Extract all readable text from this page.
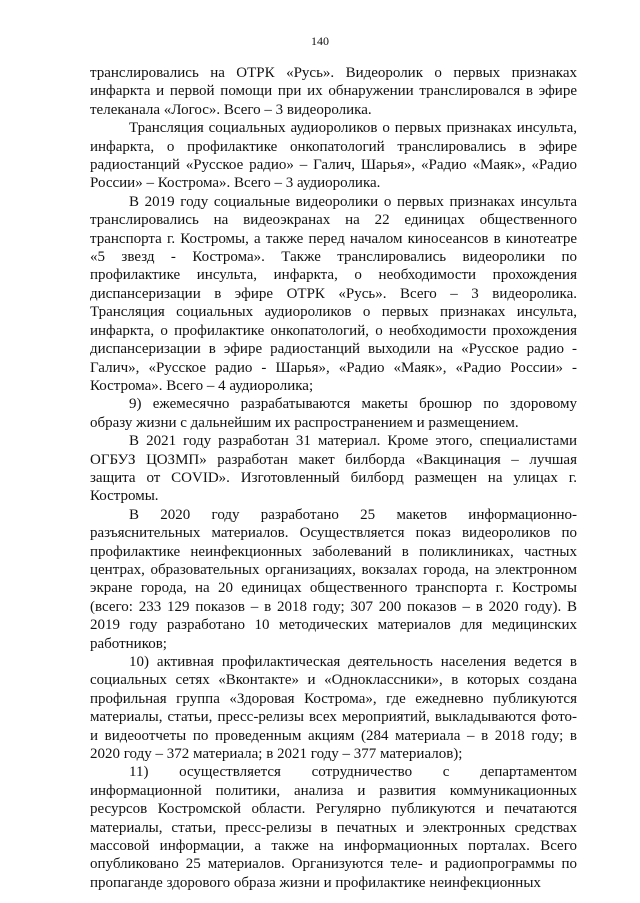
140

транслировались на ОТРК «Русь». Видеоролик о первых признаках инфаркта и первой помощи при их обнаружении транслировался в эфире телеканала «Логос». Всего – 3 видеоролика.

Трансляция социальных аудиороликов о первых признаках инсульта, инфаркта, о профилактике онкопатологий транслировались в эфире радиостанций «Русское радио» – Галич, Шарья», «Радио «Маяк», «Радио России» – Кострома». Всего – 3 аудиоролика.

В 2019 году социальные видеоролики о первых признаках инсульта транслировались на видеоэкранах на 22 единицах общественного транспорта г. Костромы, а также перед началом киносеансов в кинотеатре «5 звезд - Кострома». Также транслировались видеоролики по профилактике инсульта, инфаркта, о необходимости прохождения диспансеризации в эфире ОТРК «Русь». Всего – 3 видеоролика. Трансляция социальных аудиороликов о первых признаках инсульта, инфаркта, о профилактике онкопатологий, о необходимости прохождения диспансеризации в эфире радиостанций выходили на «Русское радио - Галич», «Русское радио - Шарья», «Радио «Маяк», «Радио России» - Кострома». Всего – 4 аудиоролика;

9) ежемесячно разрабатываются макеты брошюр по здоровому образу жизни с дальнейшим их распространением и размещением.

В 2021 году разработан 31 материал. Кроме этого, специалистами ОГБУЗ ЦОЗМП» разработан макет билборда «Вакцинация – лучшая защита от COVID». Изготовленный билборд размещен на улицах г. Костромы.

В 2020 году разработано 25 макетов информационно-разъяснительных материалов. Осуществляется показ видеороликов по профилактике неинфекционных заболеваний в поликлиниках, частных центрах, образовательных организациях, вокзалах города, на электронном экране города, на 20 единицах общественного транспорта г. Костромы (всего: 233 129 показов – в 2018 году; 307 200 показов – в 2020 году). В 2019 году разработано 10 методических материалов для медицинских работников;

10) активная профилактическая деятельность населения ведется в социальных сетях «Вконтакте» и «Одноклассники», в которых создана профильная группа «Здоровая Кострома», где ежедневно публикуются материалы, статьи, пресс-релизы всех мероприятий, выкладываются фото- и видеоотчеты по проведенным акциям (284 материала – в 2018 году; в 2020 году – 372 материала; в 2021 году – 377 материалов);

11) осуществляется сотрудничество с департаментом информационной политики, анализа и развития коммуникационных ресурсов Костромской области. Регулярно публикуются и печатаются материалы, статьи, пресс-релизы в печатных и электронных средствах массовой информации, а также на информационных порталах. Всего опубликовано 25 материалов. Организуются теле- и радиопрограммы по пропаганде здорового образа жизни и профилактике неинфекционных
